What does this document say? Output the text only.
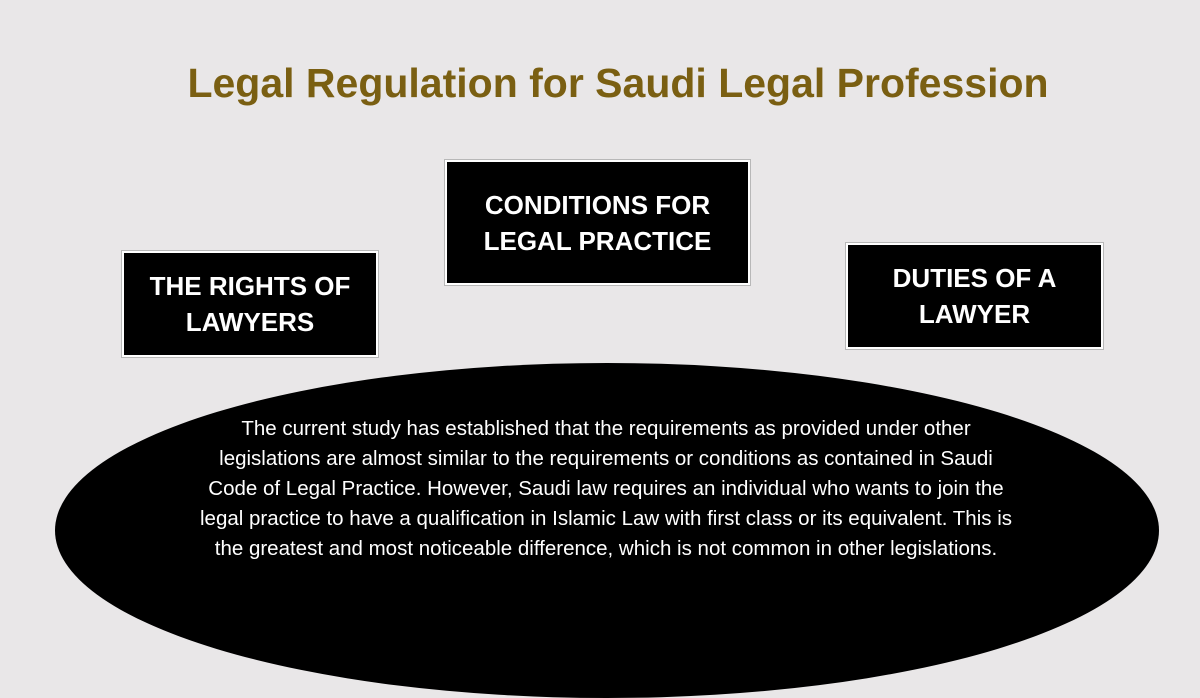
Legal Regulation for Saudi Legal Profession
THE RIGHTS OF
LAWYERS
CONDITIONS FOR
LEGAL PRACTICE
DUTIES OF A
LAWYER
The current study has established that the requirements as provided under other legislations are almost similar to the requirements or conditions as contained in Saudi Code of Legal Practice. However, Saudi law requires an individual who wants to join the legal practice to have a qualification in Islamic Law with first class or its equivalent. This is the greatest and most noticeable difference, which is not common in other legislations.
